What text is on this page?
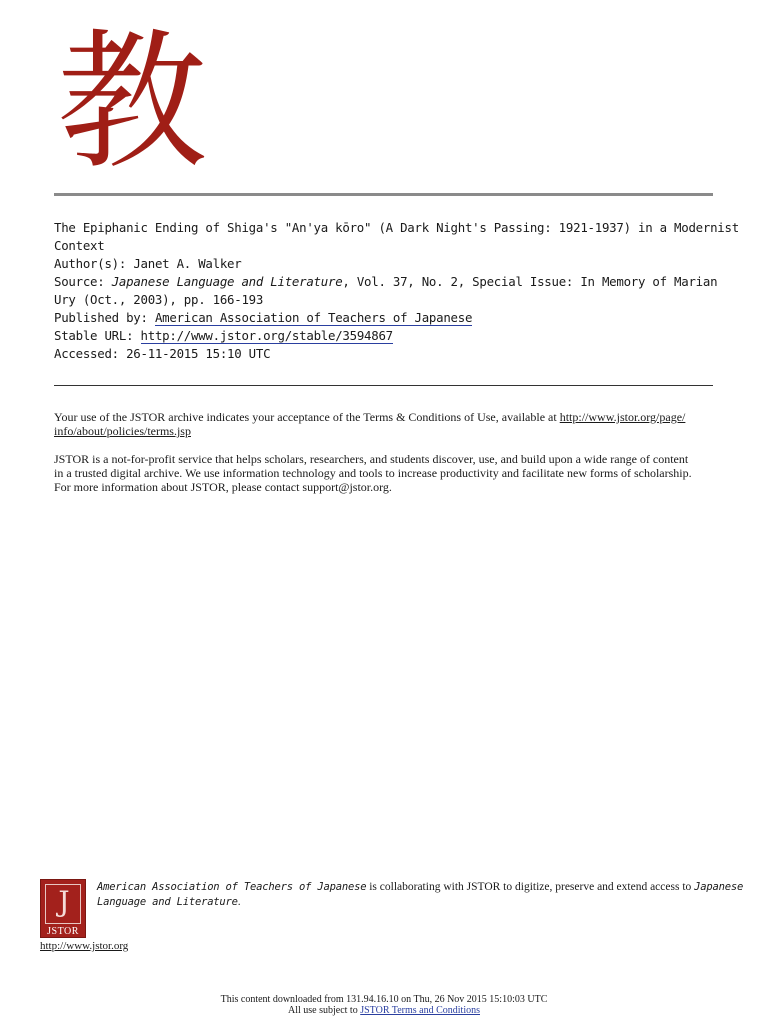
教
The Epiphanic Ending of Shiga's "An'ya kōro" (A Dark Night's Passing: 1921-1937) in a Modernist
Context
Author(s): Janet A. Walker
Source: Japanese Language and Literature, Vol. 37, No. 2, Special Issue: In Memory of Marian
Ury (Oct., 2003), pp. 166-193
Published by: American Association of Teachers of Japanese
Stable URL: http://www.jstor.org/stable/3594867
Accessed: 26-11-2015 15:10 UTC
Your use of the JSTOR archive indicates your acceptance of the Terms & Conditions of Use, available at http://www.jstor.org/page/
info/about/policies/terms.jsp
JSTOR is a not-for-profit service that helps scholars, researchers, and students discover, use, and build upon a wide range of content
in a trusted digital archive. We use information technology and tools to increase productivity and facilitate new forms of scholarship.
For more information about JSTOR, please contact support@jstor.org.
J
JSTOR
http://www.jstor.org
American Association of Teachers of Japanese is collaborating with JSTOR to digitize, preserve and extend access to Japanese
Language and Literature.
This content downloaded from 131.94.16.10 on Thu, 26 Nov 2015 15:10:03 UTC
All use subject to JSTOR Terms and Conditions
